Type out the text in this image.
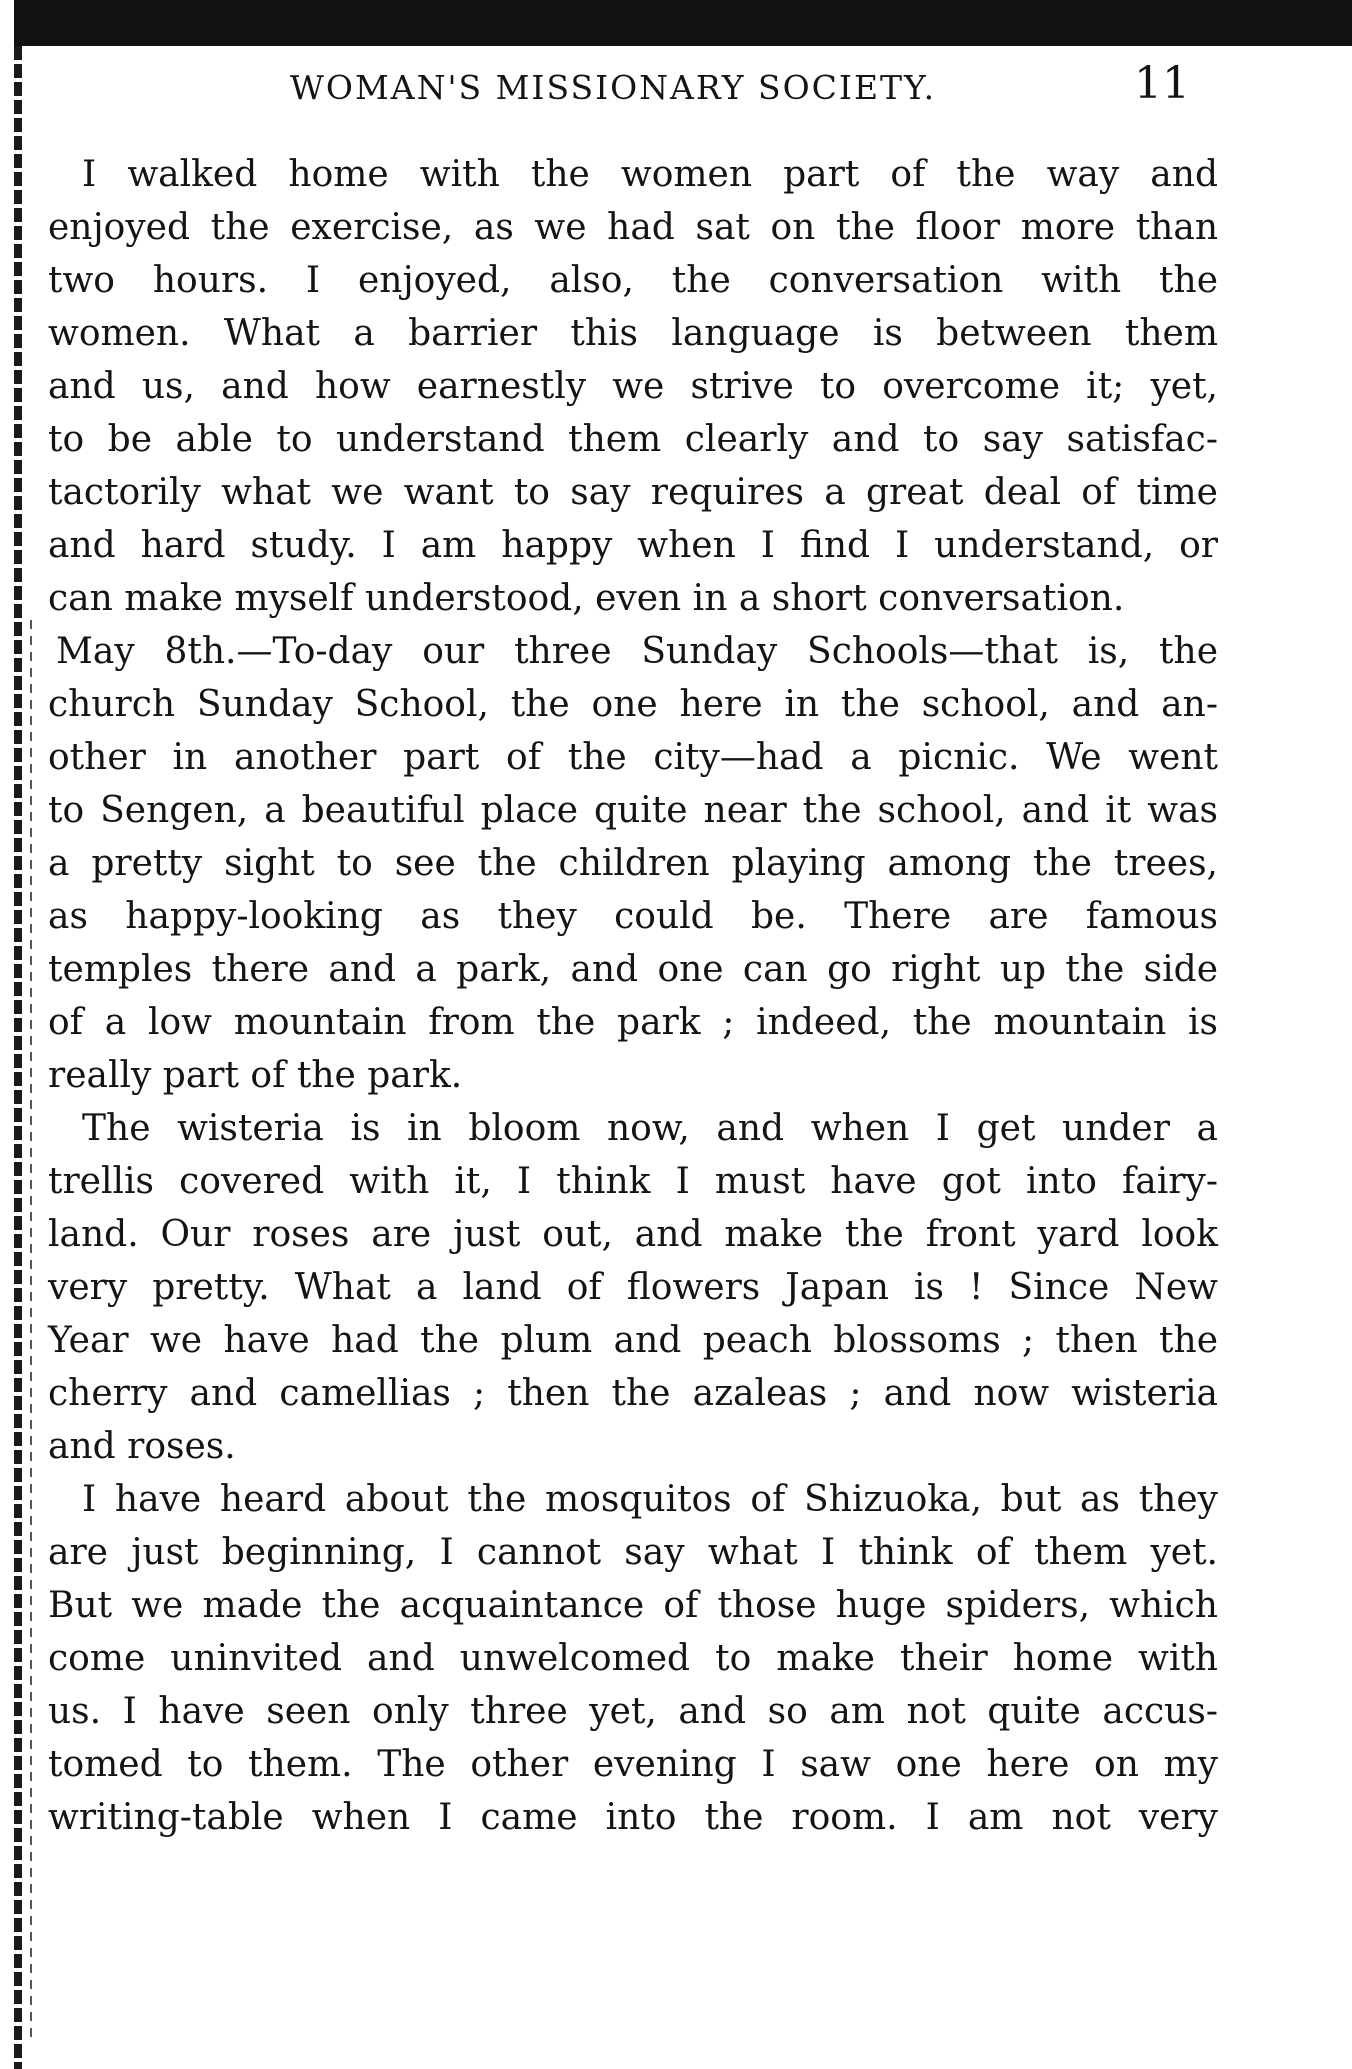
WOMAN'S MISSIONARY SOCIETY.	11
I walked home with the women part of the way and
enjoyed the exercise, as we had sat on the floor more than
two hours. I enjoyed, also, the conversation with the
women. What a barrier this language is between them
and us, and how earnestly we strive to overcome it; yet,
to be able to understand them clearly and to say satisfac-
tactorily what we want to say requires a great deal of time
and hard study. I am happy when I find I understand, or
can make myself understood, even in a short conversation.
May 8th.—To-day our three Sunday Schools—that is, the
church Sunday School, the one here in the school, and an-
other in another part of the city—had a picnic. We went
to Sengen, a beautiful place quite near the school, and it was
a pretty sight to see the children playing among the trees,
as happy-looking as they could be. There are famous
temples there and a park, and one can go right up the side
of a low mountain from the park ; indeed, the mountain is
really part of the park.
The wisteria is in bloom now, and when I get under a
trellis covered with it, I think I must have got into fairy-
land. Our roses are just out, and make the front yard look
very pretty. What a land of flowers Japan is ! Since New
Year we have had the plum and peach blossoms ; then the
cherry and camellias ; then the azaleas ; and now wisteria
and roses.
I have heard about the mosquitos of Shizuoka, but as they
are just beginning, I cannot say what I think of them yet.
But we made the acquaintance of those huge spiders, which
come uninvited and unwelcomed to make their home with
us. I have seen only three yet, and so am not quite accus-
tomed to them. The other evening I saw one here on my
writing-table when I came into the room. I am not very
